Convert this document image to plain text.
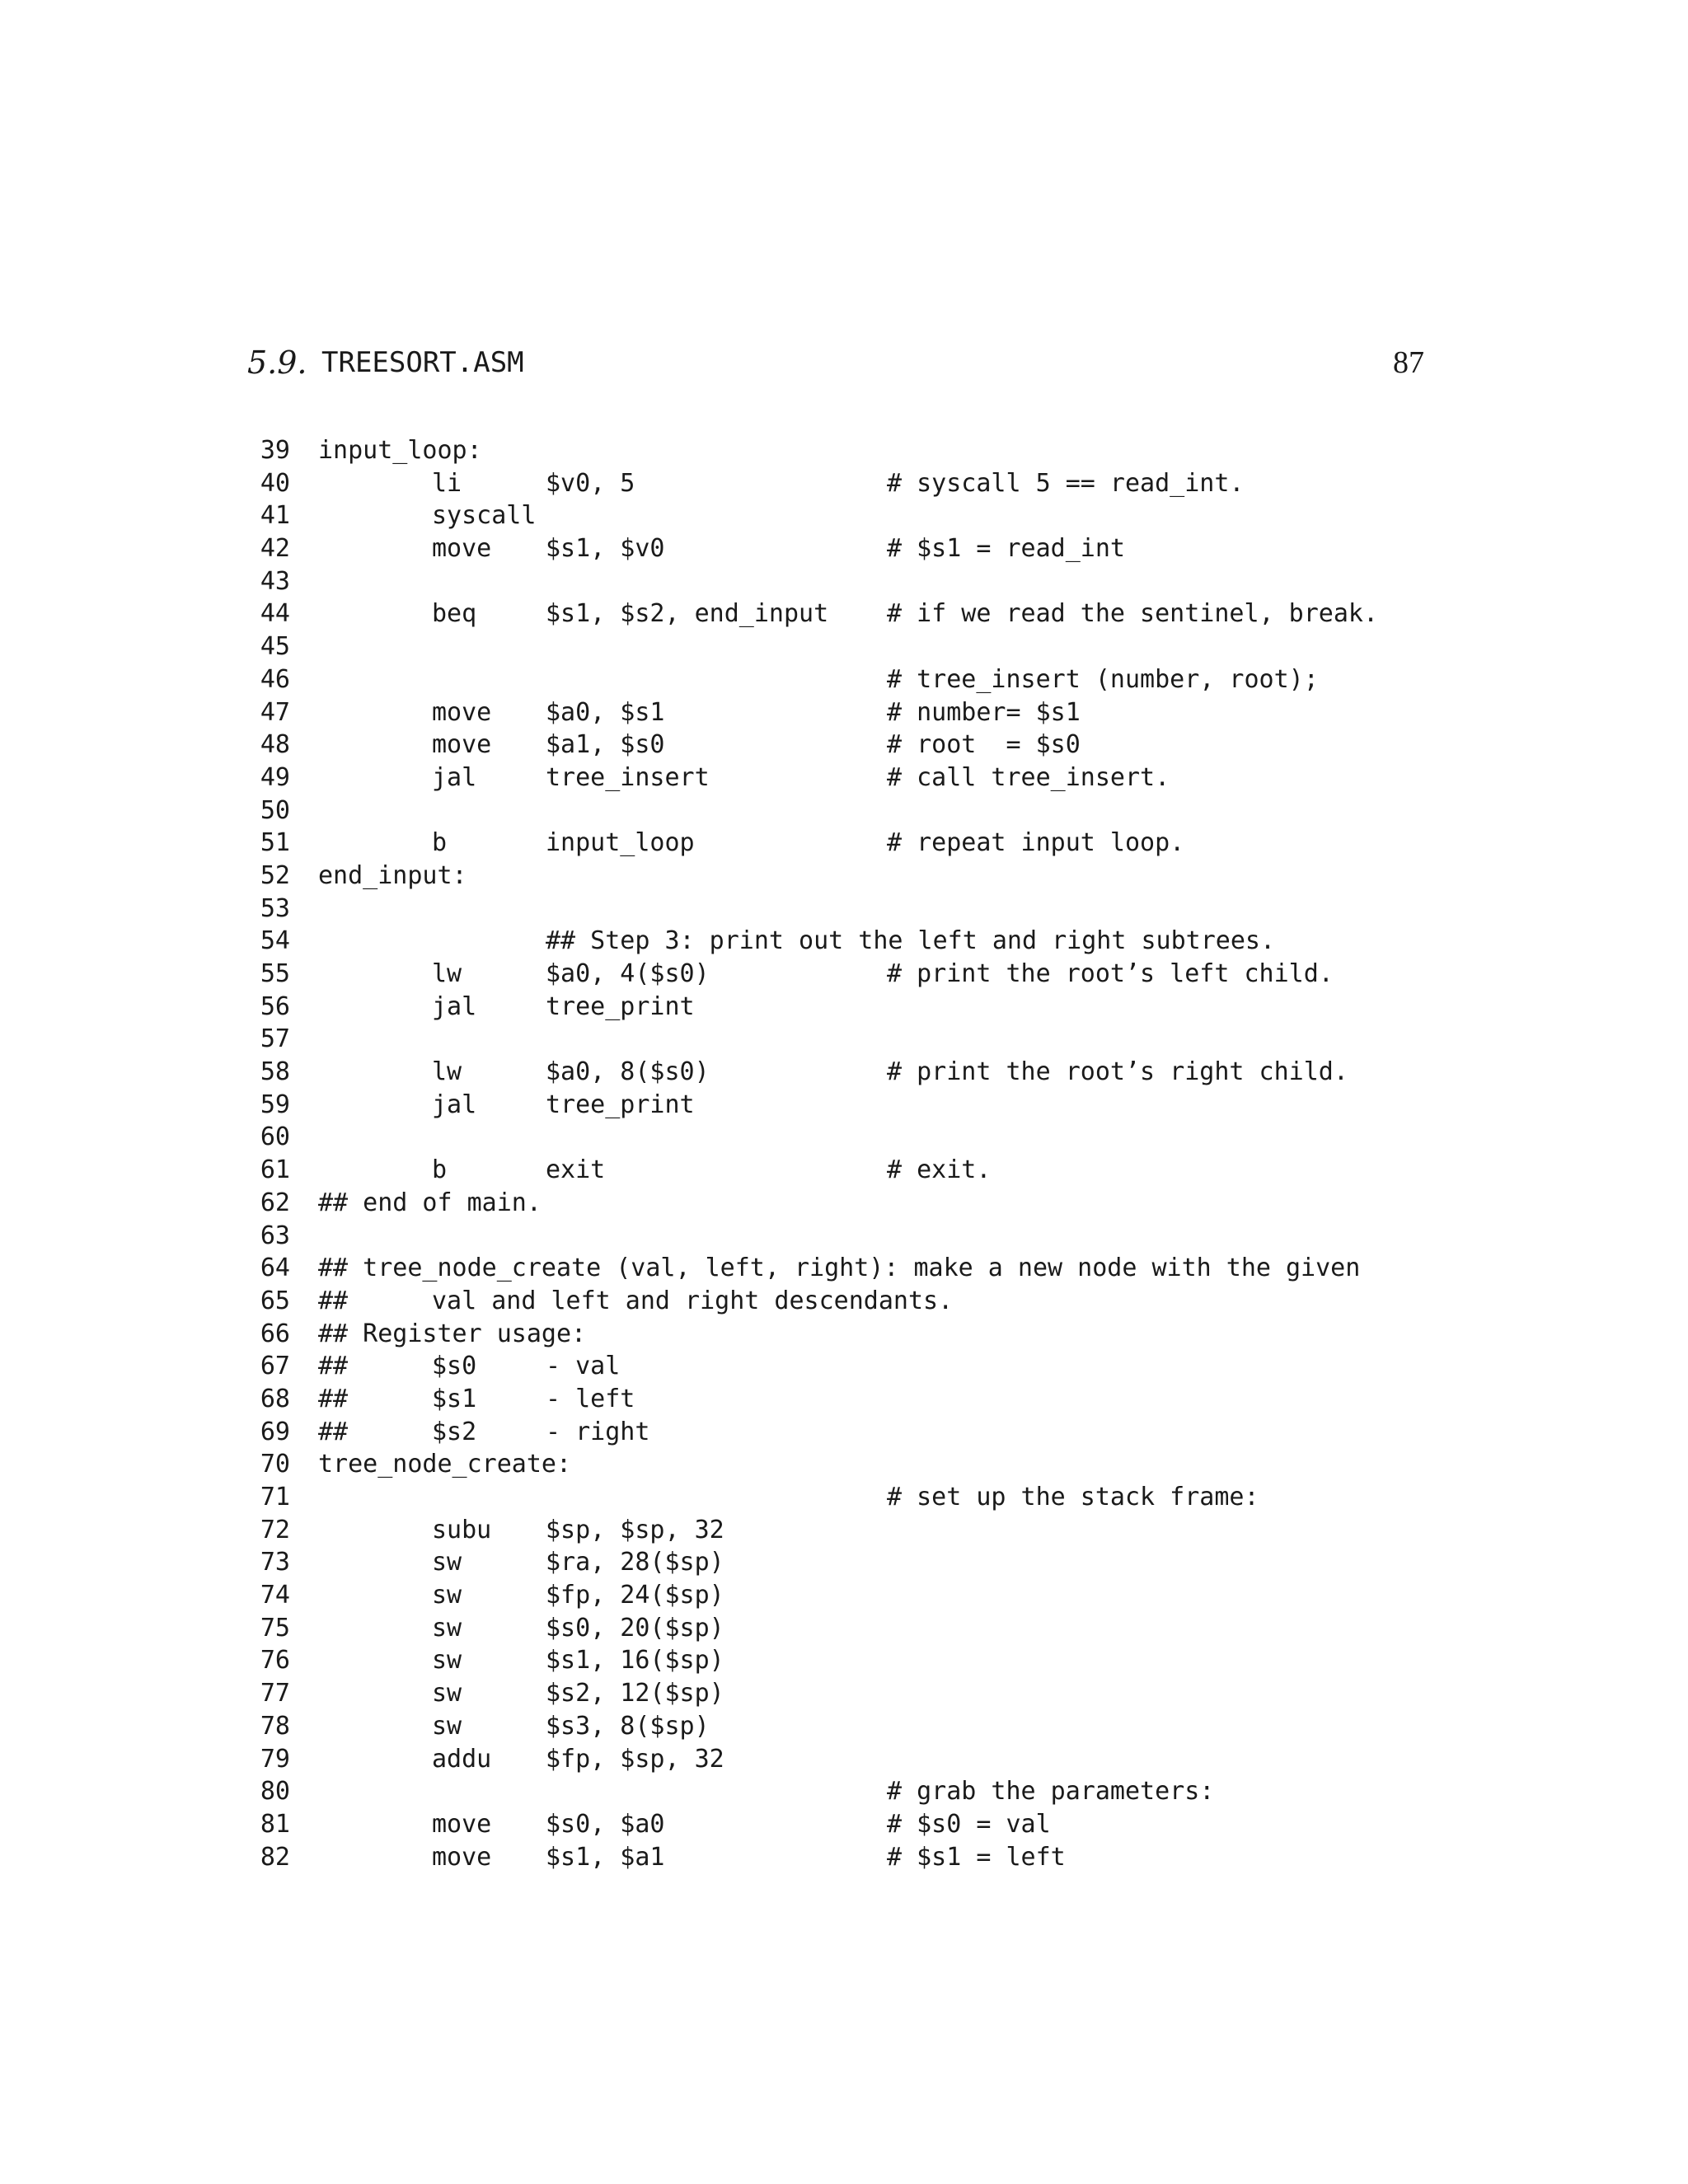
5.9. TREESORT.ASM	87
39 input_loop:
40	li	$v0, 5	# syscall 5 == read_int.
41	syscall
42	move $s1, $v0	# $s1 = read_int
43
44	beq	$s1, $s2, end_input # if we read the sentinel, break.
45
46	# tree_insert (number, root);
47	move $a0, $s1	# number= $s1
48	move $a1, $s0	# root  = $s0
49	jal	tree_insert	# call tree_insert.
50
51	b	input_loop	# repeat input loop.
52 end_input:
53
54	## Step 3: print out the left and right subtrees.
55	lw	$a0, 4($s0)	# print the root’s left child.
56	jal	tree_print
57
58	lw	$a0, 8($s0)	# print the root’s right child.
59	jal	tree_print
60
61	b	exit	# exit.
62 ## end of main.
63
64 ## tree_node_create (val, left, right): make a new node with the given
65 ##	val and left and right descendants.
66 ## Register usage:
67 ##	$s0	- val
68 ##	$s1	- left
69 ##	$s2	- right
70 tree_node_create:
71	# set up the stack frame:
72	subu $sp, $sp, 32
73	sw	$ra, 28($sp)
74	sw	$fp, 24($sp)
75	sw	$s0, 20($sp)
76	sw	$s1, 16($sp)
77	sw	$s2, 12($sp)
78	sw	$s3, 8($sp)
79	addu $fp, $sp, 32
80	# grab the parameters:
81	move $s0, $a0	# $s0 = val
82	move $s1, $a1	# $s1 = left
